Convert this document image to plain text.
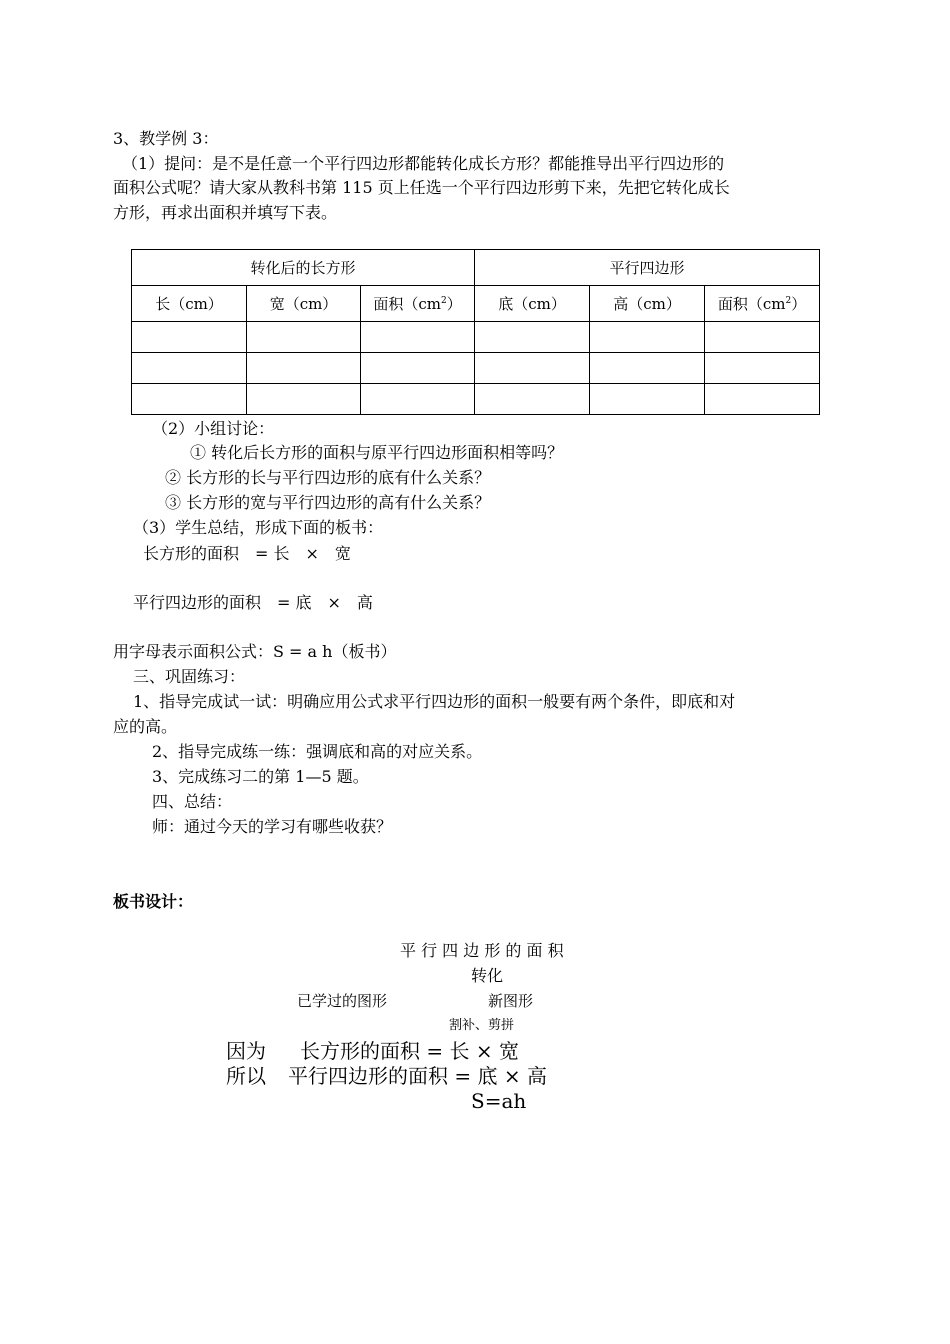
3、教学例 3：
（1）提问：是不是任意一个平行四边形都能转化成长方形？都能推导出平行四边形的
面积公式呢？请大家从教科书第 115 页上任选一个平行四边形剪下来，先把它转化成长
方形，再求出面积并填写下表。
转化后的长方形			平行四边形		
长（cm）	宽（cm）	面积$(cm^2)$	底（cm）	高（cm）	面积$(cm^2)$

（2）小组讨论：
① 转化后长方形的面积与原平行四边形面积相等吗？
② 长方形的长与平行四边形的底有什么关系？
③ 长方形的宽与平行四边形的高有什么关系？
（3）学生总结，形成下面的板书：
长方形的面积　= 长　×　宽
平行四边形的面积　= 底　×　高
用字母表示面积公式：S = a h（板书）
三、巩固练习：
1、指导完成试一试：明确应用公式求平行四边形的面积一般要有两个条件，即底和对
应的高。
2、指导完成练一练：强调底和高的对应关系。
3、完成练习二的第 1—5 题。
四、总结：
师：通过今天的学习有哪些收获？
板书设计：
平 行 四 边 形 的 面 积
转化
已学过的图形	新图形
割补、剪拼
因为 长方形的面积 = 长 × 宽
所以 平行四边形的面积 = 底 × 高
S=ah
